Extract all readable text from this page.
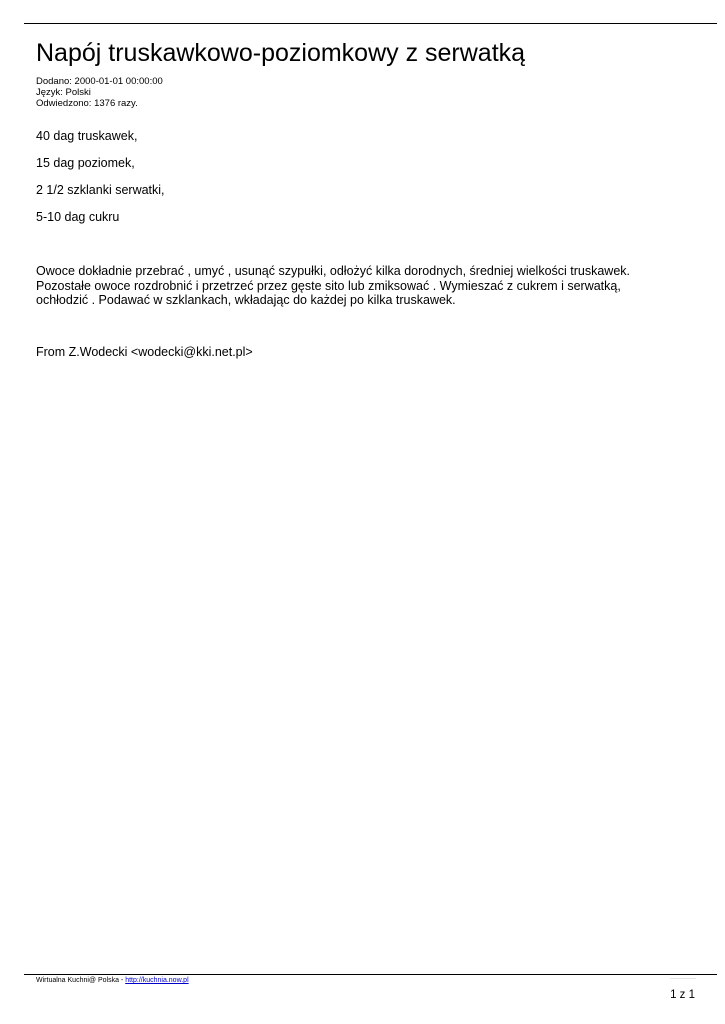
Napój truskawkowo-poziomkowy z serwatką
Dodano: 2000-01-01 00:00:00
Język: Polski
Odwiedzono: 1376 razy.
40 dag truskawek,
15 dag poziomek,
2 1/2 szklanki serwatki,
5-10 dag cukru
Owoce dokładnie przebrać , umyć , usunąć szypułki, odłożyć kilka dorodnych, średniej wielkości truskawek.
Pozostałe owoce rozdrobnić i przetrzeć przez gęste sito lub zmiksować . Wymieszać z cukrem i serwatką,
ochłodzić . Podawać w szklankach, wkładając do każdej po kilka truskawek.
From Z.Wodecki <wodecki@kki.net.pl>
Wirtualna Kuchni@ Polska - http://kuchnia.now.pl
1 z 1
